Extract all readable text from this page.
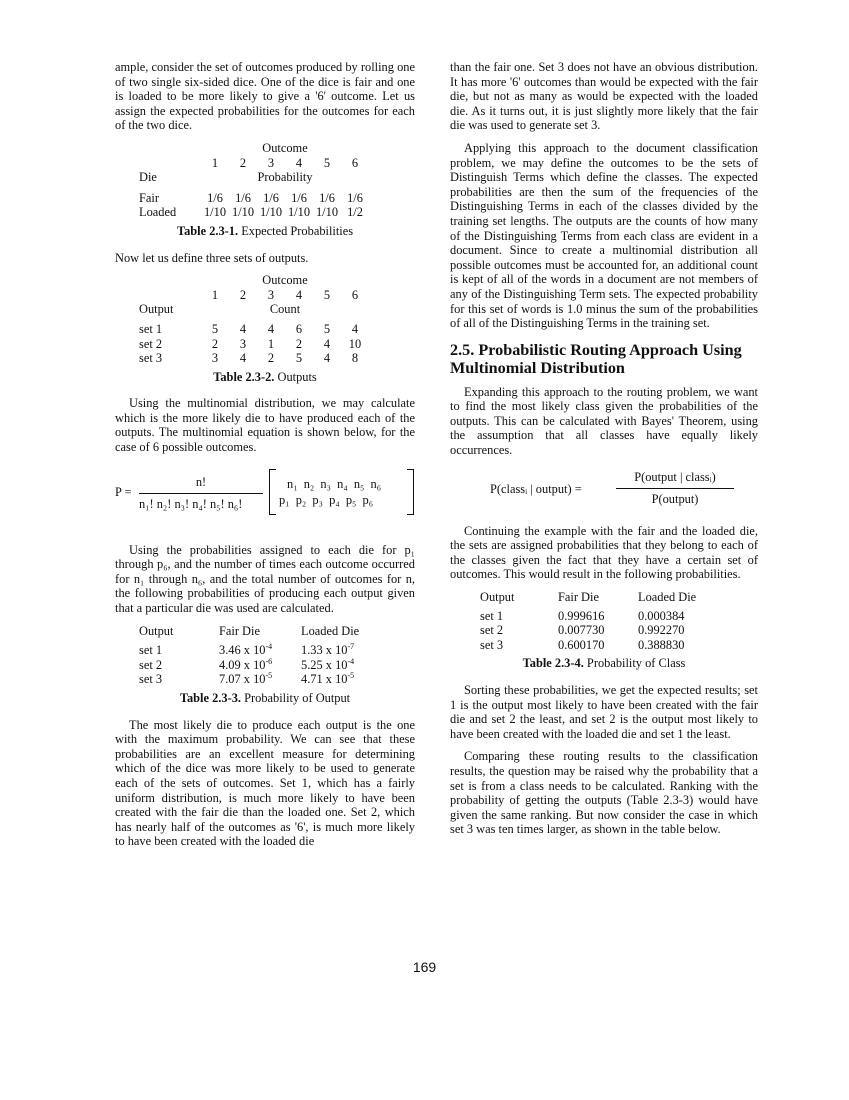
ample, consider the set of outcomes produced by rolling one of two single six-sided dice. One of the dice is fair and one is loaded to be more likely to give a '6' outcome. Let us assign the expected probabilities for the outcomes for each of the two dice.

	Outcome					
	1	2	3	4	5	6
Die	Probability					

Fair	1/6	1/6	1/6	1/6	1/6	1/6
Loaded	1/10	1/10	1/10	1/10	1/10	1/2
Table 2.3-1. Expected Probabilities

Now let us define three sets of outputs.

	Outcome					
	1	2	3	4	5	6
Output	Count					

set 1	5	4	4	6	5	4
set 2	2	3	1	2	4	10
set 3	3	4	2	5	4	8
Table 2.3-2. Outputs

Using the multinomial distribution, we may calculate which is the more likely die to have produced each of the outputs. The multinomial equation is shown below, for the case of 6 possible outcomes.

P =
n!
n₁! n₂! n₃! n₄! n₅! n₆!
n₁  n₂  n₃  n₄  n₅  n₆
p₁  p₂  p₃  p₄  p₅  p₆

Using the probabilities assigned to each die for p₁ through p₆, and the number of times each outcome occurred for n₁ through n₆, and the total number of outcomes for n, the following probabilities of producing each output given that a particular die was used are calculated.

Output	Fair Die	Loaded Die

set 1	3.46 x $10^{-4}$	1.33 x $10^{-7}$
set 2	4.09 x $10^{-6}$	5.25 x $10^{-4}$
set 3	7.07 x $10^{-5}$	4.71 x $10^{-5}$
Table 2.3-3. Probability of Output

The most likely die to produce each output is the one with the maximum probability. We can see that these probabilities are an excellent measure for determining which of the dice was more likely to be used to generate each of the sets of outcomes. Set 1, which has a fairly uniform distribution, is much more likely to have been created with the fair die than the loaded one. Set 2, which has nearly half of the outcomes as '6', is much more likely to have been created with the loaded die

than the fair one. Set 3 does not have an obvious distribution. It has more '6' outcomes than would be expected with the fair die, but not as many as would be expected with the loaded die. As it turns out, it is just slightly more likely that the fair die was used to generate set 3.

Applying this approach to the document classification problem, we may define the outcomes to be the sets of Distinguish Terms which define the classes. The expected probabilities are then the sum of the frequencies of the Distinguishing Terms in each of the classes divided by the training set lengths. The outputs are the counts of how many of the Distinguishing Terms from each class are evident in a document. Since to create a multinomial distribution all possible outcomes must be accounted for, an additional count is kept of all of the words in a document are not members of any of the Distinguishing Term sets. The expected probability for this set of words is 1.0 minus the sum of the probabilities of all of the Distinguishing Terms in the training set.

2.5. Probabilistic Routing Approach Using Multinomial Distribution

Expanding this approach to the routing problem, we want to find the most likely class given the probabilities of the outputs. This can be calculated with Bayes' Theorem, using the assumption that all classes have equally likely occurrences.

P(classᵢ | output) =
P(output | classᵢ)
P(output)

Continuing the example with the fair and the loaded die, the sets are assigned probabilities that they belong to each of the classes given the fact that they have a certain set of outcomes. This would result in the following probabilities.

Output	Fair Die	Loaded Die

set 1	0.999616	0.000384
set 2	0.007730	0.992270
set 3	0.600170	0.388830
Table 2.3-4. Probability of Class

Sorting these probabilities, we get the expected results; set 1 is the output most likely to have been created with the fair die and set 2 the least, and set 2 is the output most likely to have been created with the loaded die and set 1 the least.

Comparing these routing results to the classification results, the question may be raised why the probability that a set is from a class needs to be calculated. Ranking with the probability of getting the outputs (Table 2.3-3) would have given the same ranking. But now consider the case in which set 3 was ten times larger, as shown in the table below.

169
